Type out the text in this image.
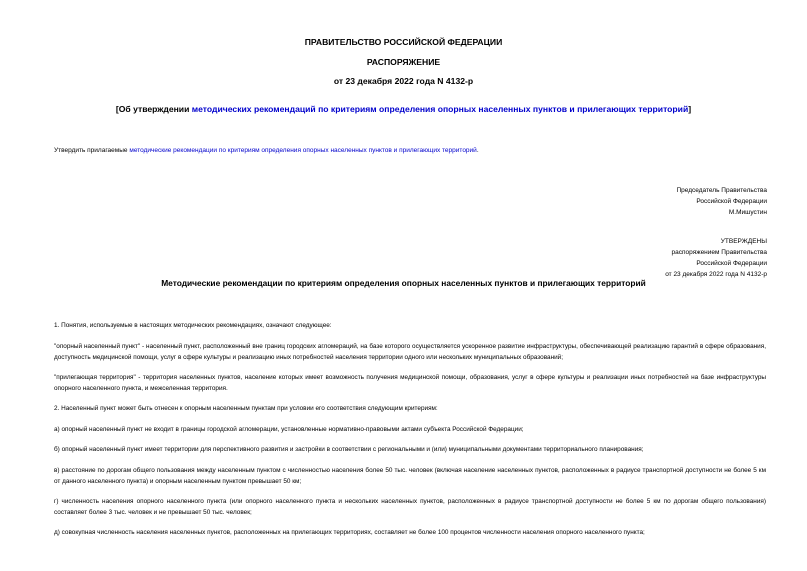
ПРАВИТЕЛЬСТВО РОССИЙСКОЙ ФЕДЕРАЦИИ
РАСПОРЯЖЕНИЕ
от 23 декабря 2022 года N 4132-р
[Об утверждении методических рекомендаций по критериям определения опорных населенных пунктов и прилегающих территорий]
Утвердить прилагаемые методические рекомендации по критериям определения опорных населенных пунктов и прилегающих территорий.
Председатель Правительства
Российской Федерации
М.Мишустин
УТВЕРЖДЕНЫ
распоряжением Правительства
Российской Федерации
от 23 декабря 2022 года N 4132-р
Методические рекомендации по критериям определения опорных населенных пунктов и прилегающих территорий
1. Понятия, используемые в настоящих методических рекомендациях, означают следующее:
"опорный населенный пункт" - населенный пункт, расположенный вне границ городских агломераций, на базе которого осуществляется ускоренное развитие инфраструктуры, обеспечивающей реализацию гарантий в сфере образования, доступность медицинской помощи, услуг в сфере культуры и реализацию иных потребностей населения территории одного или нескольких муниципальных образований;
"прилегающая территория" - территория населенных пунктов, население которых имеет возможность получения медицинской помощи, образования, услуг в сфере культуры и реализации иных потребностей на базе инфраструктуры опорного населенного пункта, и межселенная территория.
2. Населенный пункт может быть отнесен к опорным населенным пунктам при условии его соответствия следующим критериям:
а) опорный населенный пункт не входит в границы городской агломерации, установленные нормативно-правовыми актами субъекта Российской Федерации;
б) опорный населенный пункт имеет территории для перспективного развития и застройки в соответствии с региональными и (или) муниципальными документами территориального планирования;
в) расстояние по дорогам общего пользования между населенным пунктом с численностью населения более 50 тыс. человек (включая население населенных пунктов, расположенных в радиусе транспортной доступности не более 5 км от данного населенного пункта) и опорным населенным пунктом превышает 50 км;
г) численность населения опорного населенного пункта (или опорного населенного пункта и нескольких населенных пунктов, расположенных в радиусе транспортной доступности не более 5 км по дорогам общего пользования) составляет более 3 тыс. человек и не превышает 50 тыс. человек;
д) совокупная численность населения населенных пунктов, расположенных на прилегающих территориях, составляет не более 100 процентов численности населения опорного населенного пункта;
